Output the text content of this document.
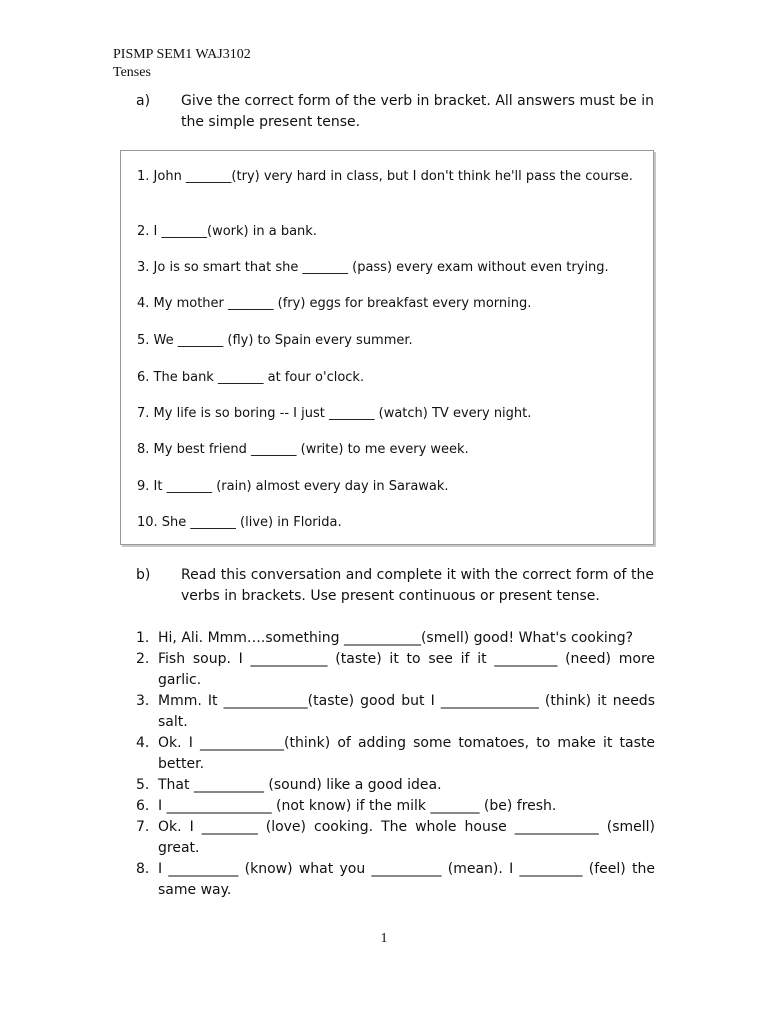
PISMP SEM1 WAJ3102
Tenses
a) Give the correct form of the verb in bracket. All answers must be in the simple present tense.
1. John _______(try) very hard in class, but I don't think he'll pass the course.
2. I _______(work) in a bank.
3. Jo is so smart that she _______ (pass) every exam without even trying.
4. My mother _______ (fry) eggs for breakfast every morning.
5. We _______ (fly) to Spain every summer.
6. The bank _______ at four o'clock.
7. My life is so boring -- I just _______ (watch) TV every night.
8. My best friend _______ (write) to me every week.
9. It _______ (rain) almost every day in Sarawak.
10. She _______ (live) in Florida.
b) Read this conversation and complete it with the correct form of the verbs in brackets. Use present continuous or present tense.
1. Hi, Ali. Mmm….something ___________(smell) good! What's cooking?
2. Fish soup. I ___________ (taste) it to see if it _________ (need) more garlic.
3. Mmm. It ____________(taste) good but I ______________ (think) it needs salt.
4. Ok. I ____________(think) of adding some tomatoes, to make it taste better.
5. That __________ (sound) like a good idea.
6. I _______________ (not know) if the milk _______ (be) fresh.
7. Ok. I ________ (love) cooking. The whole house ____________ (smell) great.
8. I __________ (know) what you __________ (mean). I _________ (feel) the same way.
1
